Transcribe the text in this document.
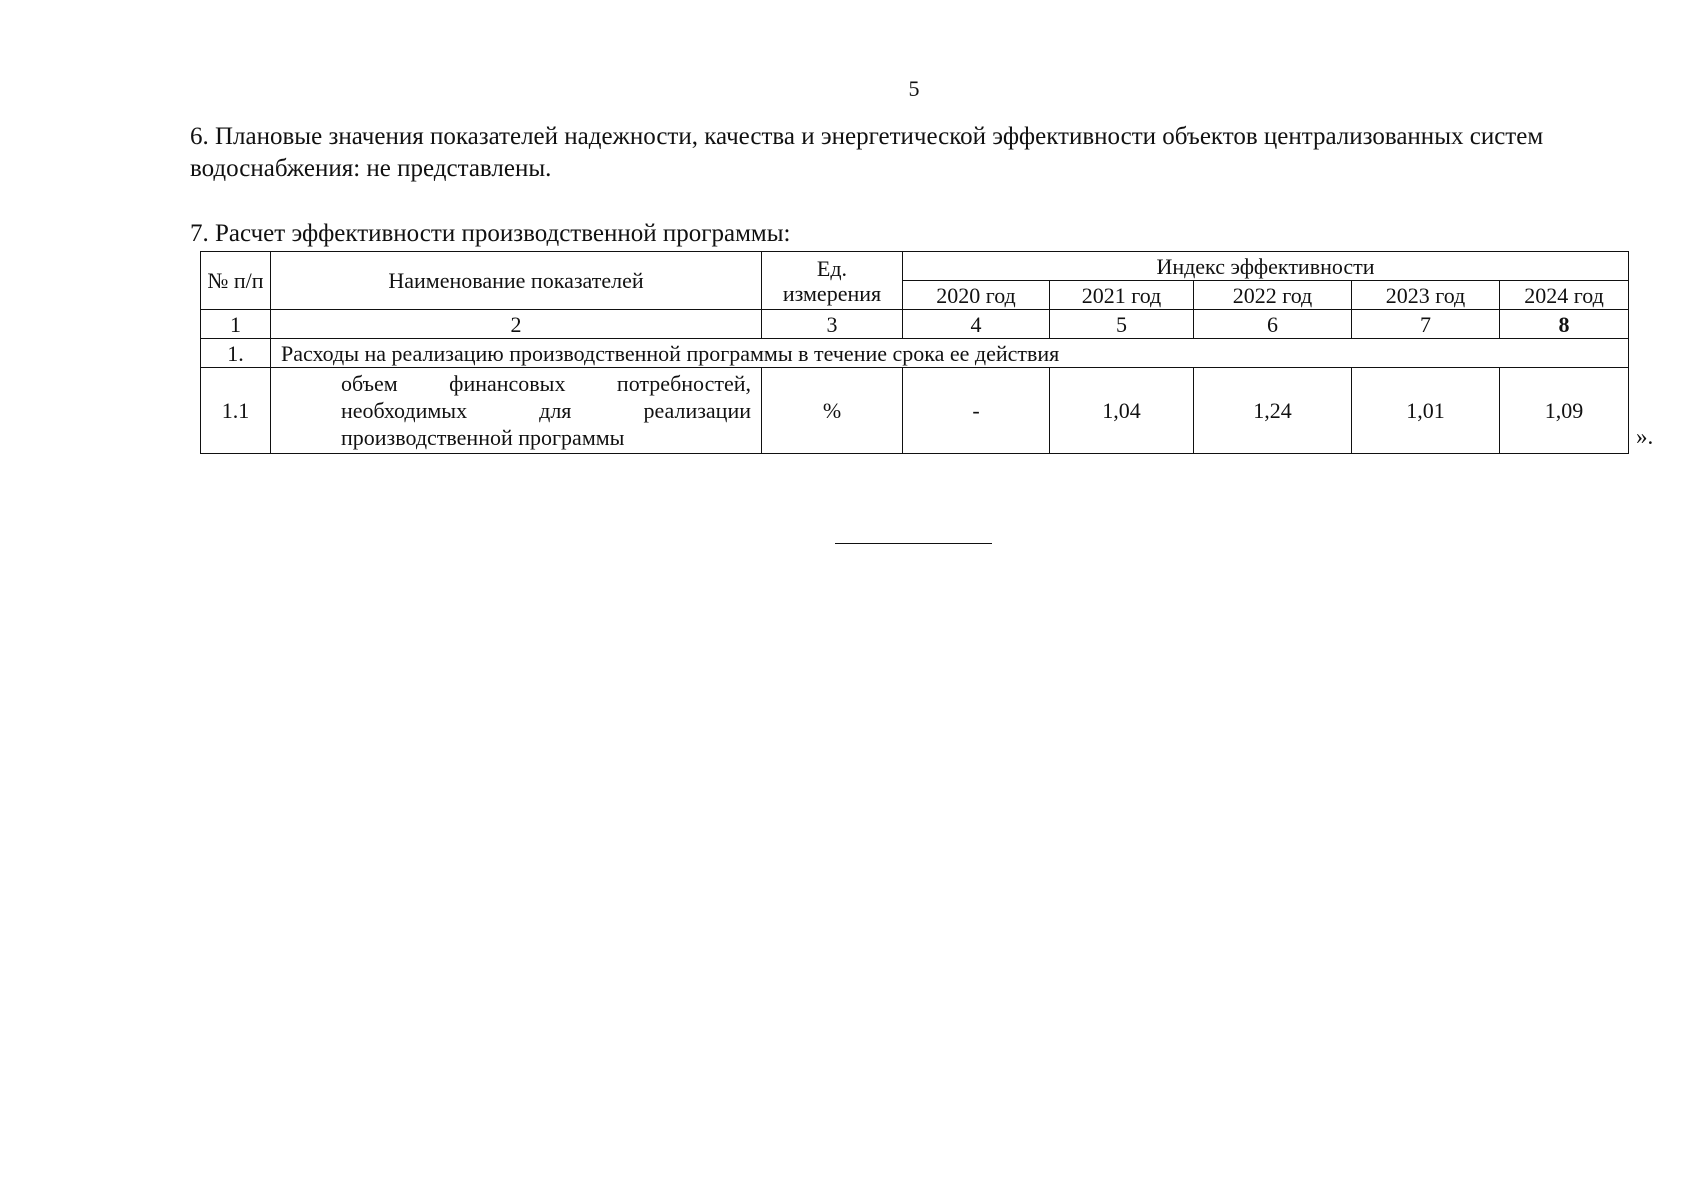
5
6. Плановые значения показателей надежности, качества и энергетической эффективности объектов централизованных систем водоснабжения: не представлены.
7. Расчет эффективности производственной программы:
№ п/п	Наименование показателей	Ед. измерения	Индекс эффективности				
			2020 год	2021 год	2022 год	2023 год	2024 год
1	2	3	4	5	6	7	8
1.	Расходы на реализацию производственной программы в течение срока ее действия						
1.1	объем финансовых потребностей, необходимых для реализации производственной программы	%	-	1,04	1,24	1,01	1,09
».
